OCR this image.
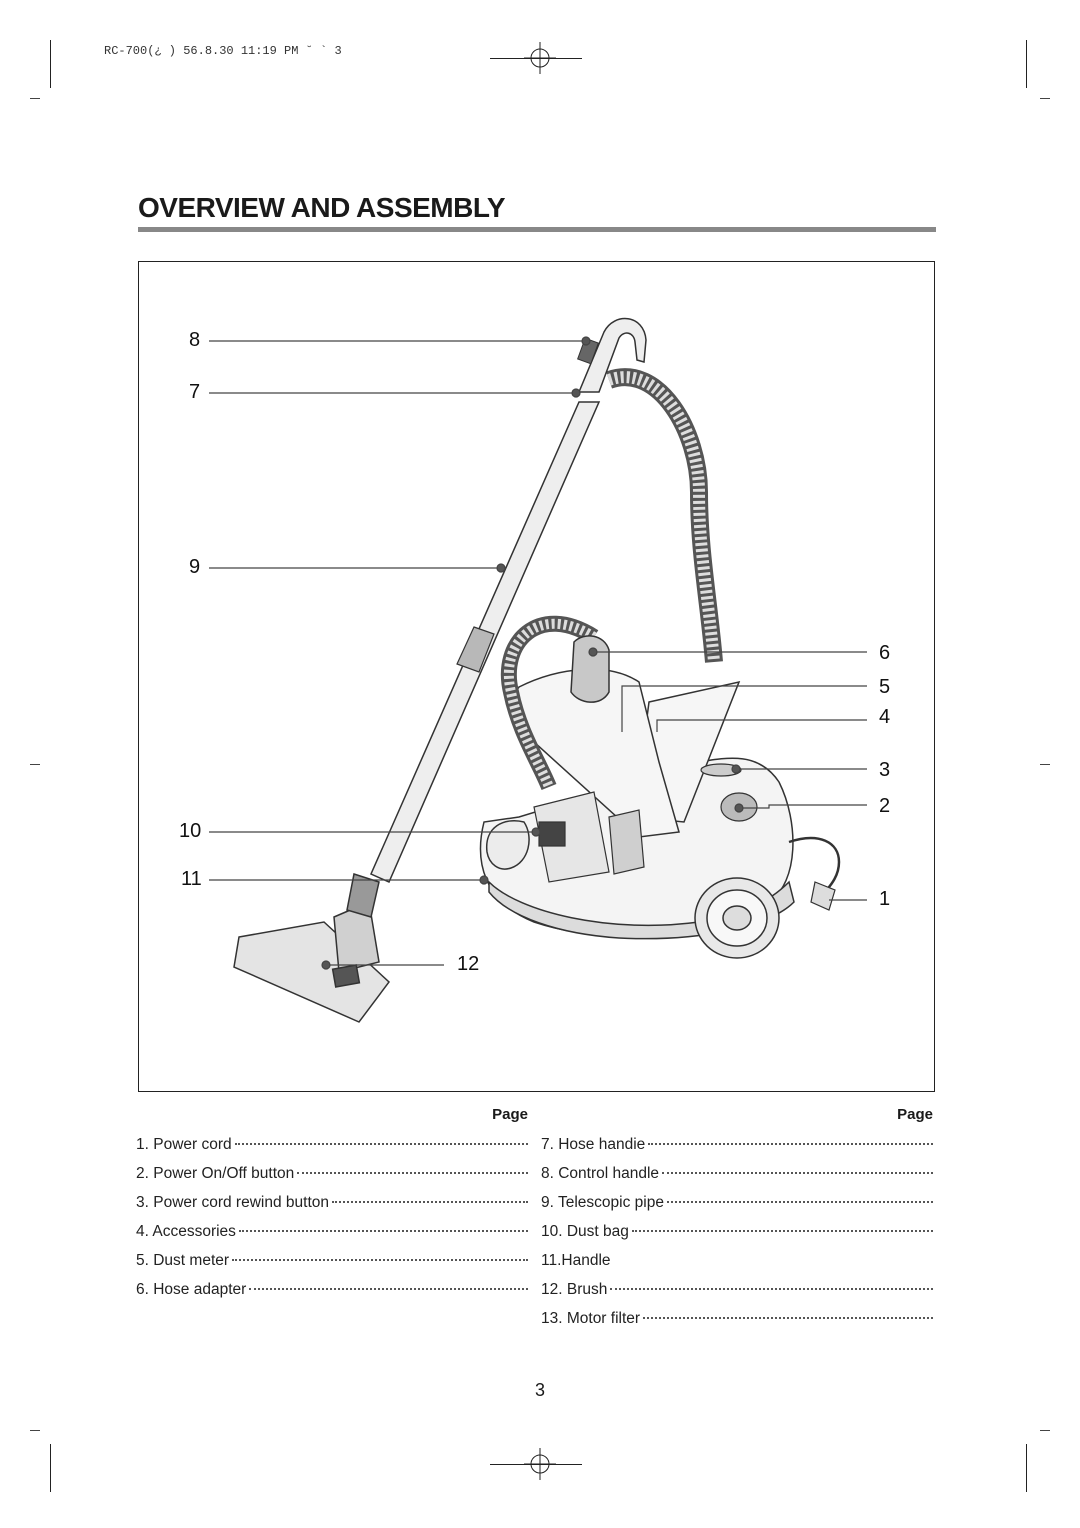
RC-700(¿ ) 56.8.30 11:19 PM ˘ ` 3
OVERVIEW AND ASSEMBLY
8
7
9
10
11
12
6
5
4
3
2
1
Page
1. Power cord
2. Power On/Off button
3. Power cord rewind button
4. Accessories
5. Dust meter
6. Hose adapter
Page
7. Hose handie
8. Control handle
9. Telescopic pipe
10. Dust bag
11.Handle
12. Brush
13. Motor filter
3
